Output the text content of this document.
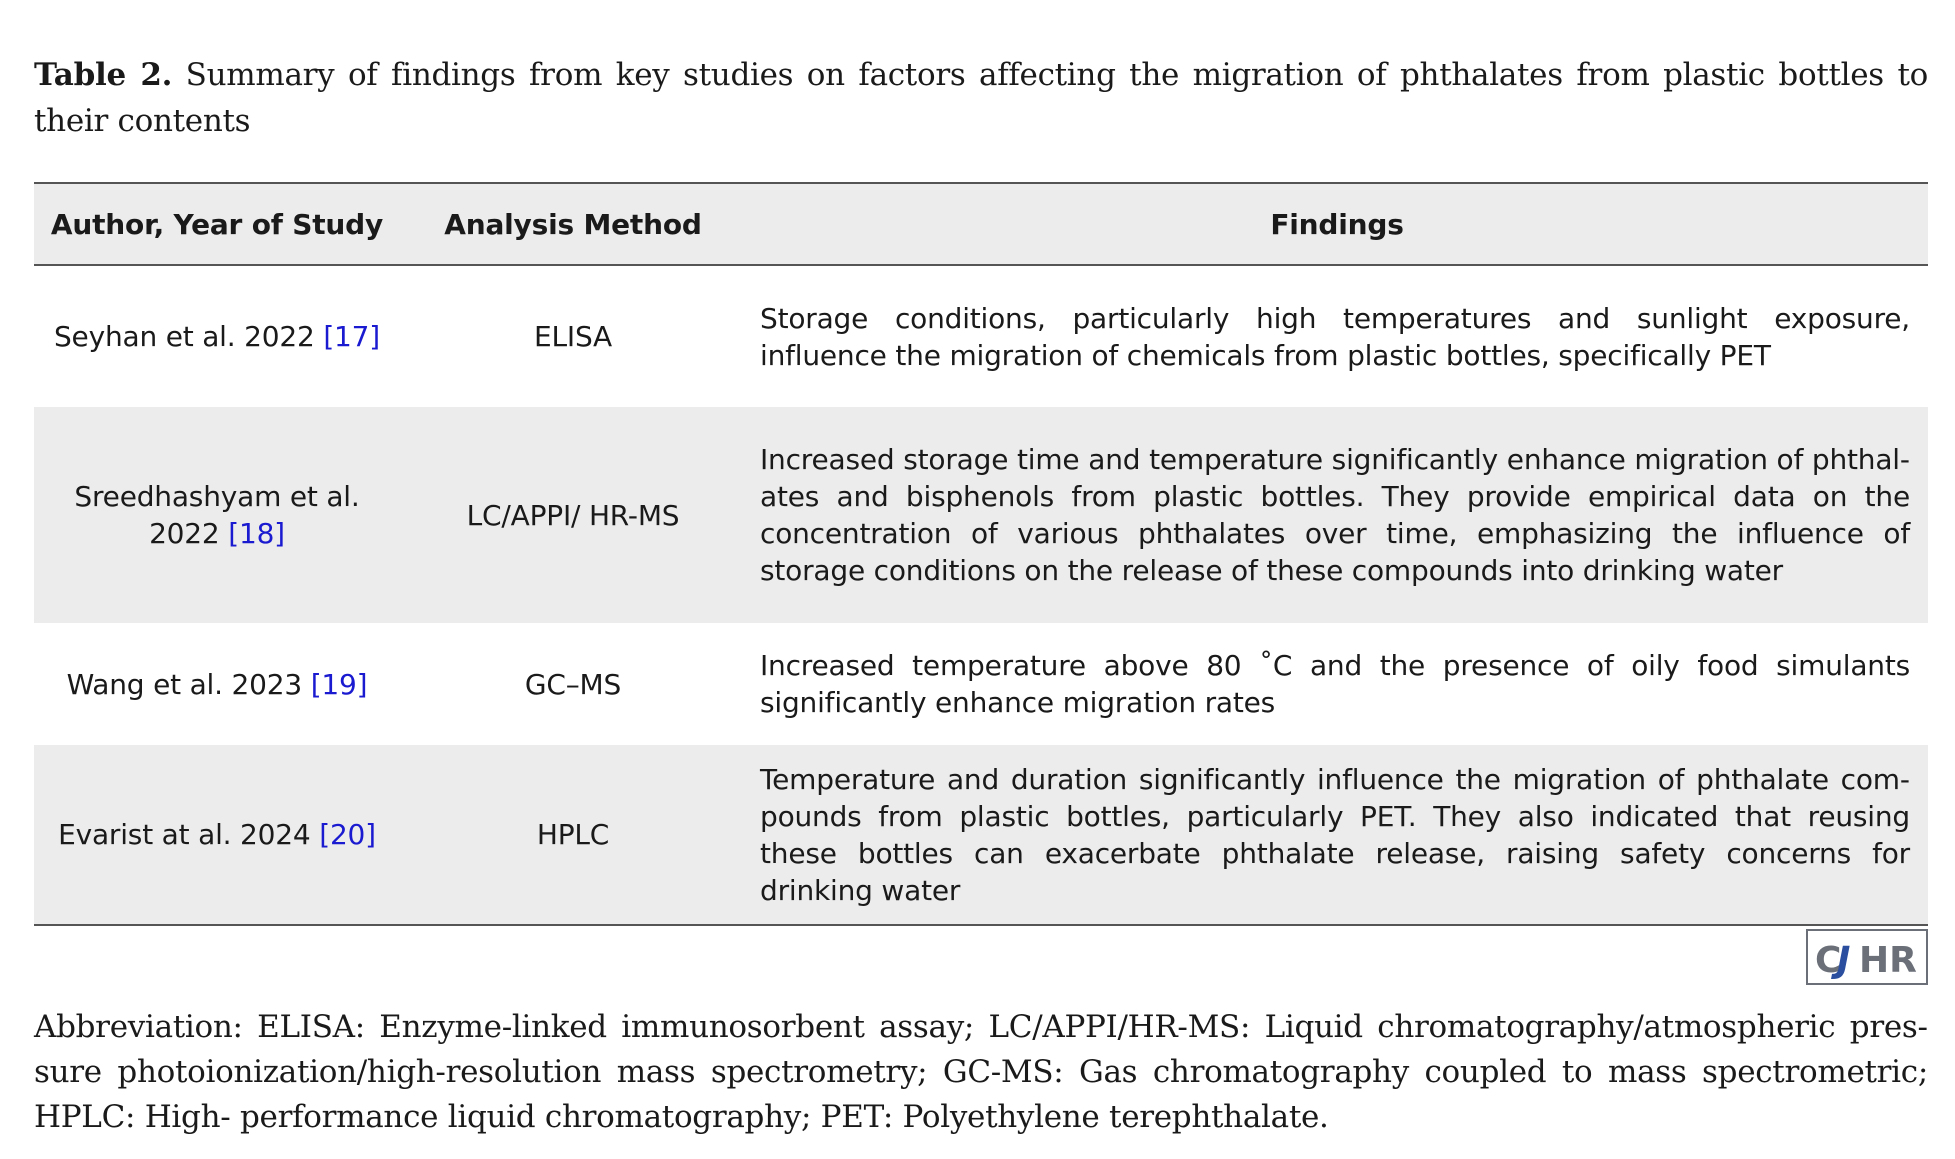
Table 2. Summary of findings from key studies on factors affecting the migration of phthalates from plastic bottles to their contents

Author, Year of Study	Analysis Method	Findings
Seyhan et al. 2022 [17]	ELISA	Storage conditions, particularly high temperatures and sunlight exposure, influence the migration of chemicals from plastic bottles, specifically PET
Sreedhashyam et al. 2022 [18]	LC/APPI/ HR-MS	Increased storage time and temperature significantly enhance migration of phthalates and bisphenols from plastic bottles. They provide empirical data on the concentration of various phthalates over time, emphasizing the influence of storage conditions on the release of these compounds into drinking water
Wang et al. 2023 [19]	GC–MS	Increased temperature above 80 ˚C and the presence of oily food simulants significantly enhance migration rates
Evarist at al. 2024 [20]	HPLC	Temperature and duration significantly influence the migration of phthalate compounds from plastic bottles, particularly PET. They also indicated that reusing these bottles can exacerbate phthalate release, raising safety concerns for drinking water
C
J HR

Abbreviation: ELISA: Enzyme-linked immunosorbent assay; LC/APPI/HR-MS: Liquid chromatography/atmospheric pressure photoionization/high-resolution mass spectrometry; GC-MS: Gas chromatography coupled to mass spectrometric; HPLC: High- performance liquid chromatography; PET: Polyethylene terephthalate.
